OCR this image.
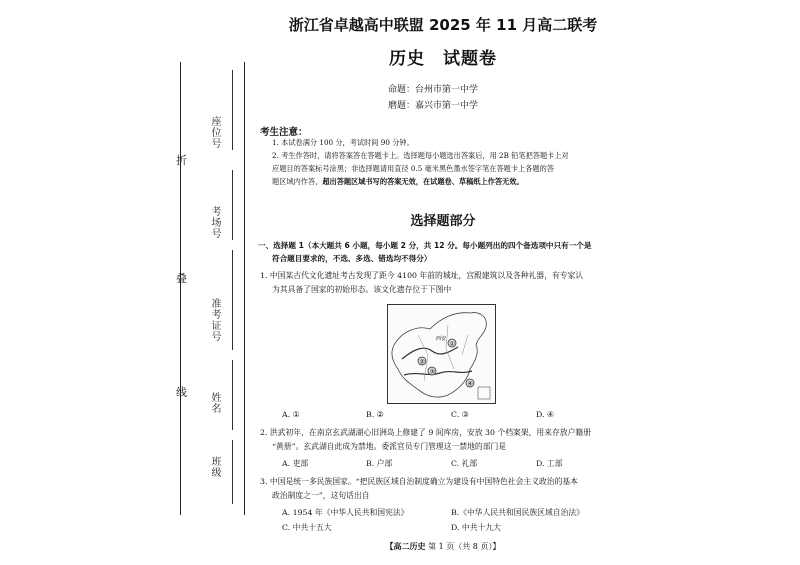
折
叠
线
座位号
考场号
准考证号
姓名
班级
浙江省卓越高中联盟 2025 年 11 月高二联考
历史　试题卷
命题：台州市第一中学
磨题：嘉兴市第一中学
考生注意：
1. 本试卷满分 100 分，考试时间 90 分钟。
2. 考生作答时，请将答案答在答题卡上。选择题每小题选出答案后，用 2B 铅笔把答题卡上对
应题目的答案标号涂黑；非选择题请用直径 0.5 毫米黑色墨水签字笔在答题卡上各题的答
题区域内作答，超出答题区域书写的答案无效，在试题卷、草稿纸上作答无效。
选择题部分
一、选择题 1（本大题共 6 小题，每小题 2 分，共 12 分。每小题列出的四个备选项中只有一个是
符合题目要求的，不选、多选、错选均不得分）
1. 中国某古代文化遗址考古发现了距今 4100 年前的城址，宫殿建筑以及各种礼器，有专家认
为其具备了国家的初始形态。该文化遗存位于下图中
①
②
③
④
西安
A. ①	B. ②	C. ③	D. ④
2. 洪武初年，在南京玄武湖湖心旧洲岛上修建了 9 间库房，安放 30 个档案架，用来存放户籍册
“黄册”。玄武湖自此成为禁地。委派官员专门管理这一禁地的部门是
A. 吏部	B. 户部	C. 礼部	D. 工部
3. 中国是统一多民族国家。“把民族区域自治制度确立为建设有中国特色社会主义政治的基本
政治制度之一”，这句话出自
A. 1954 年《中华人民共和国宪法》	B.《中华人民共和国民族区域自治法》
C. 中共十五大	D. 中共十九大
【高二历史 第 1 页（共 8 页）】
